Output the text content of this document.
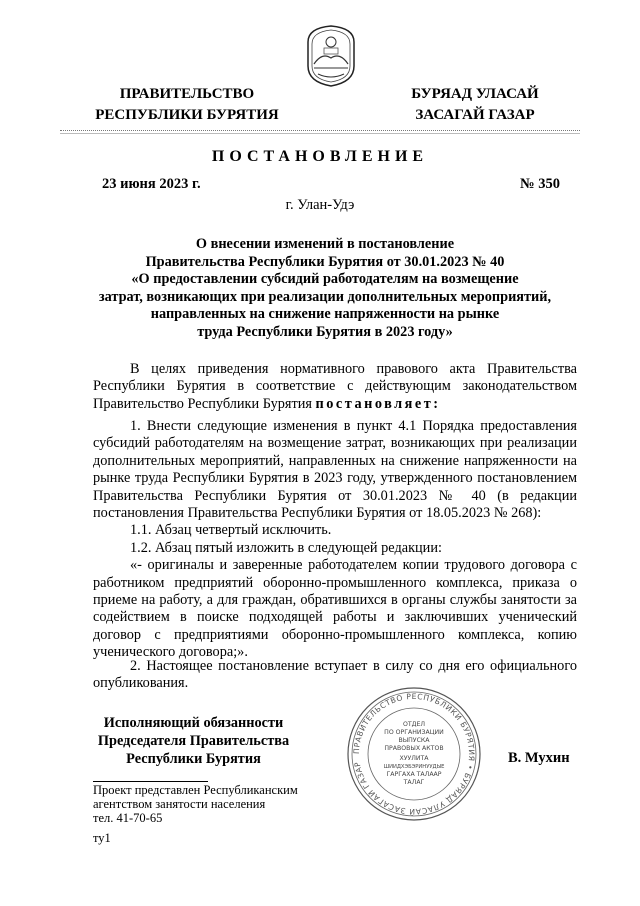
ПРАВИТЕЛЬСТВО
РЕСПУБЛИКИ БУРЯТИЯ
БУРЯАД УЛАСАЙ
ЗАСАГАЙ ГАЗАР
ПОСТАНОВЛЕНИЕ
23 июня 2023 г.	№ 350
г. Улан-Удэ
О внесении изменений в постановление
Правительства Республики Бурятия от 30.01.2023 № 40
«О предоставлении субсидий работодателям на возмещение
затрат, возникающих при реализации дополнительных мероприятий,
направленных на снижение напряженности на рынке
труда Республики Бурятия в 2023 году»
В целях приведения нормативного правового акта Правительства Республики Бурятия в соответствие с действующим законодательством Правительство Республики Бурятия постановляет:
1. Внести следующие изменения в пункт 4.1 Порядка предоставления субсидий работодателям на возмещение затрат, возникающих при реализации дополнительных мероприятий, направленных на снижение напряженности на рынке труда Республики Бурятия в 2023 году, утвержденного постановлением Правительства Республики Бурятия от 30.01.2023 № 40 (в редакции постановления Правительства Республики Бурятия от 18.05.2023 № 268):
1.1. Абзац четвертый исключить.
1.2. Абзац пятый изложить в следующей редакции:
«- оригиналы и заверенные работодателем копии трудового договора с работником предприятий оборонно-промышленного комплекса, приказа о приеме на работу, а для граждан, обратившихся в органы службы занятости за содействием в поиске подходящей работы и заключивших ученический договор с предприятиями оборонно-промышленного комплекса, копию ученического договора;».
2. Настоящее постановление вступает в силу со дня его официального опубликования.
Исполняющий обязанности
Председателя Правительства
Республики Бурятия
ПРАВИТЕЛЬСТВО РЕСПУБЛИКИ БУРЯТИЯ • БУРЯАД УЛАСАЙ ЗАСАГАЙ ГАЗАР
ОТДЕЛ
ПО ОРГАНИЗАЦИИ
ВЫПУСКА
ПРАВОВЫХ АКТОВ
ХУУЛИТА
ШИИДХЭБЭРИНУУДЫЕ
ГАРГАХА ТАЛААР
ТАЛАГ
В. Мухин
Проект представлен Республиканским
агентством занятости населения
тел. 41-70-65
ту1
